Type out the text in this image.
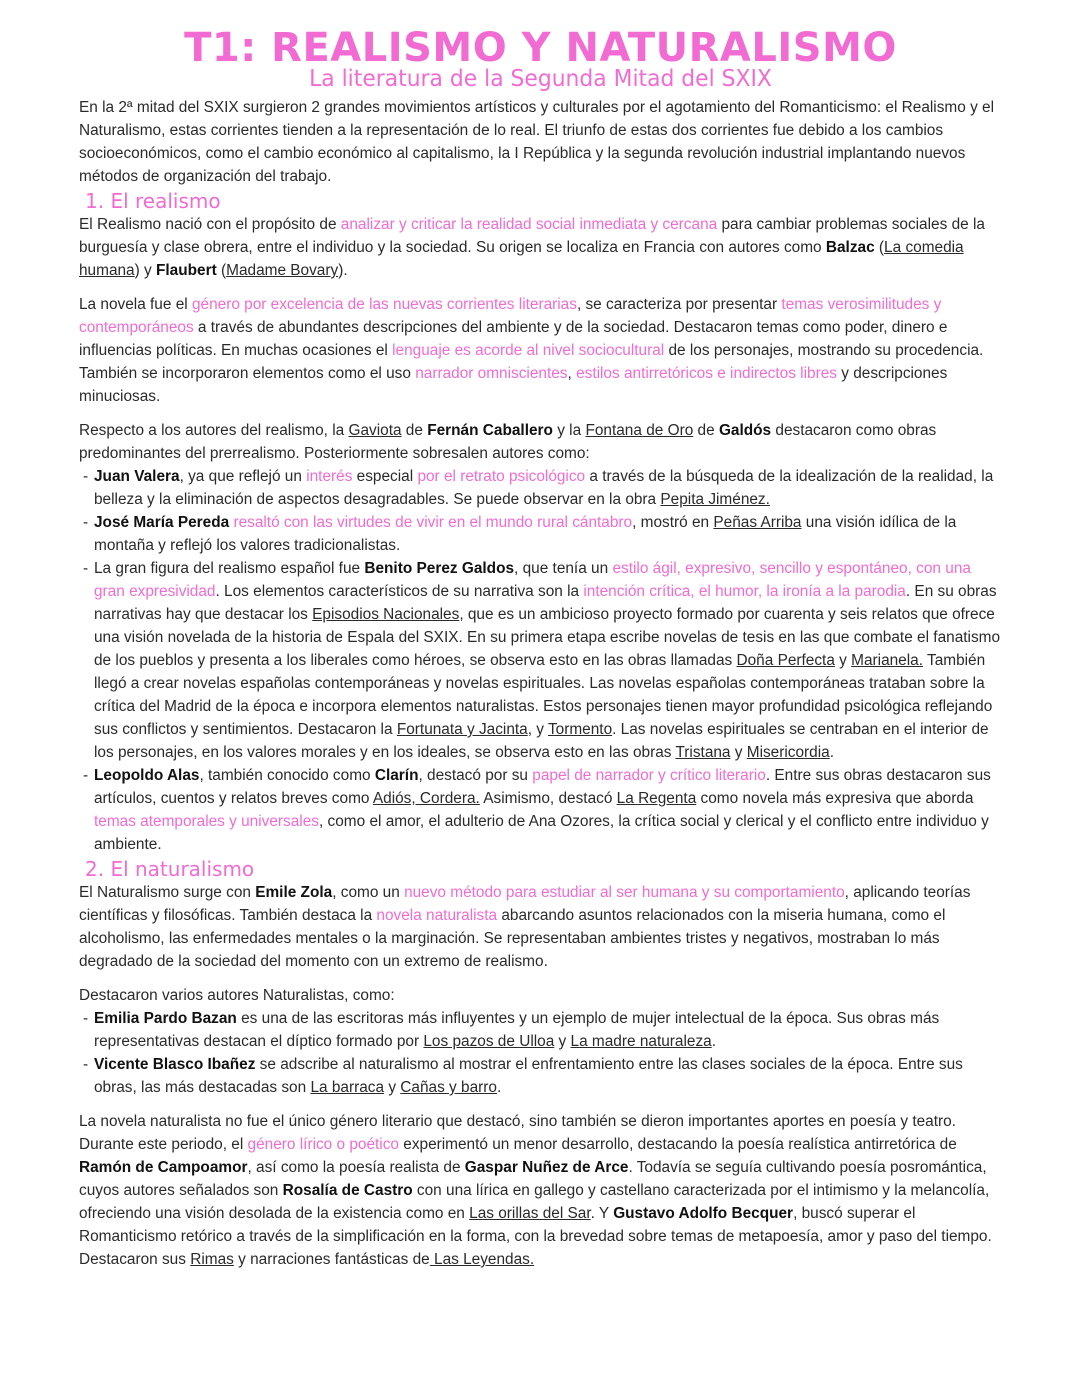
T1: REALISMO Y NATURALISMO
La literatura de la Segunda Mitad del SXIX

En la 2ª mitad del SXIX surgieron 2 grandes movimientos artísticos y culturales por el agotamiento del Romanticismo: el Realismo y el Naturalismo, estas corrientes tienden a la representación de lo real. El triunfo de estas dos corrientes fue debido a los cambios socioeconómicos, como el cambio económico al capitalismo, la I República y la segunda revolución industrial implantando nuevos métodos de organización del trabajo.

1. El realismo

El Realismo nació con el propósito de analizar y criticar la realidad social inmediata y cercana para cambiar problemas sociales de la burguesía y clase obrera, entre el individuo y la sociedad. Su origen se localiza en Francia con autores como Balzac (La comedia humana) y Flaubert (Madame Bovary).

La novela fue el género por excelencia de las nuevas corrientes literarias, se caracteriza por presentar temas verosimilitudes y contemporáneos a través de abundantes descripciones del ambiente y de la sociedad. Destacaron temas como poder, dinero e influencias políticas. En muchas ocasiones el lenguaje es acorde al nivel sociocultural de los personajes, mostrando su procedencia. También se incorporaron elementos como el uso narrador omniscientes, estilos antirretóricos e indirectos libres y descripciones minuciosas.

Respecto a los autores del realismo, la Gaviota de Fernán Caballero y la Fontana de Oro de Galdós destacaron como obras predominantes del prerrealismo. Posteriormente sobresalen autores como:

- Juan Valera, ya que reflejó un interés especial por el retrato psicológico a través de la búsqueda de la idealización de la realidad, la belleza y la eliminación de aspectos desagradables. Se puede observar en la obra Pepita Jiménez.
- José María Pereda resaltó con las virtudes de vivir en el mundo rural cántabro, mostró en Peñas Arriba una visión idílica de la montaña y reflejó los valores tradicionalistas.
- La gran figura del realismo español fue Benito Perez Galdos, que tenía un estilo ágil, expresivo, sencillo y espontáneo, con una gran expresividad. Los elementos característicos de su narrativa son la intención crítica, el humor, la ironía a la parodia. En su obras narrativas hay que destacar los Episodios Nacionales, que es un ambicioso proyecto formado por cuarenta y seis relatos que ofrece una visión novelada de la historia de Espala del SXIX. En su primera etapa escribe novelas de tesis en las que combate el fanatismo de los pueblos y presenta a los liberales como héroes, se observa esto en las obras llamadas Doña Perfecta y Marianela. También llegó a crear novelas españolas contemporáneas y novelas espirituales. Las novelas españolas contemporáneas trataban sobre la crítica del Madrid de la época e incorpora elementos naturalistas. Estos personajes tienen mayor profundidad psicológica reflejando sus conflictos y sentimientos. Destacaron la Fortunata y Jacinta, y Tormento. Las novelas espirituales se centraban en el interior de los personajes, en los valores morales y en los ideales, se observa esto en las obras Tristana y Misericordia.
- Leopoldo Alas, también conocido como Clarín, destacó por su papel de narrador y crítico literario. Entre sus obras destacaron sus artículos, cuentos y relatos breves como Adiós, Cordera. Asimismo, destacó La Regenta como novela más expresiva que aborda temas atemporales y universales, como el amor, el adulterio de Ana Ozores, la crítica social y clerical y el conflicto entre individuo y ambiente.
2. El naturalismo

El Naturalismo surge con Emile Zola, como un nuevo método para estudiar al ser humana y su comportamiento, aplicando teorías científicas y filosóficas. También destaca la novela naturalista abarcando asuntos relacionados con la miseria humana, como el alcoholismo, las enfermedades mentales o la marginación. Se representaban ambientes tristes y negativos, mostraban lo más degradado de la sociedad del momento con un extremo de realismo.

Destacaron varios autores Naturalistas, como:

- Emilia Pardo Bazan es una de las escritoras más influyentes y un ejemplo de mujer intelectual de la época. Sus obras más representativas destacan el díptico formado por Los pazos de Ulloa y La madre naturaleza.
- Vicente Blasco Ibañez se adscribe al naturalismo al mostrar el enfrentamiento entre las clases sociales de la época. Entre sus obras, las más destacadas son La barraca y Cañas y barro.

La novela naturalista no fue el único género literario que destacó, sino también se dieron importantes aportes en poesía y teatro. Durante este periodo, el género lírico o poético experimentó un menor desarrollo, destacando la poesía realística antirretórica de Ramón de Campoamor, así como la poesía realista de Gaspar Nuñez de Arce. Todavía se seguía cultivando poesía posromántica, cuyos autores señalados son Rosalía de Castro con una lírica en gallego y castellano caracterizada por el intimismo y la melancolía, ofreciendo una visión desolada de la existencia como en Las orillas del Sar. Y Gustavo Adolfo Becquer, buscó superar el Romanticismo retórico a través de la simplificación en la forma, con la brevedad sobre temas de metapoesía, amor y paso del tiempo. Destacaron sus Rimas y narraciones fantásticas de Las Leyendas.
